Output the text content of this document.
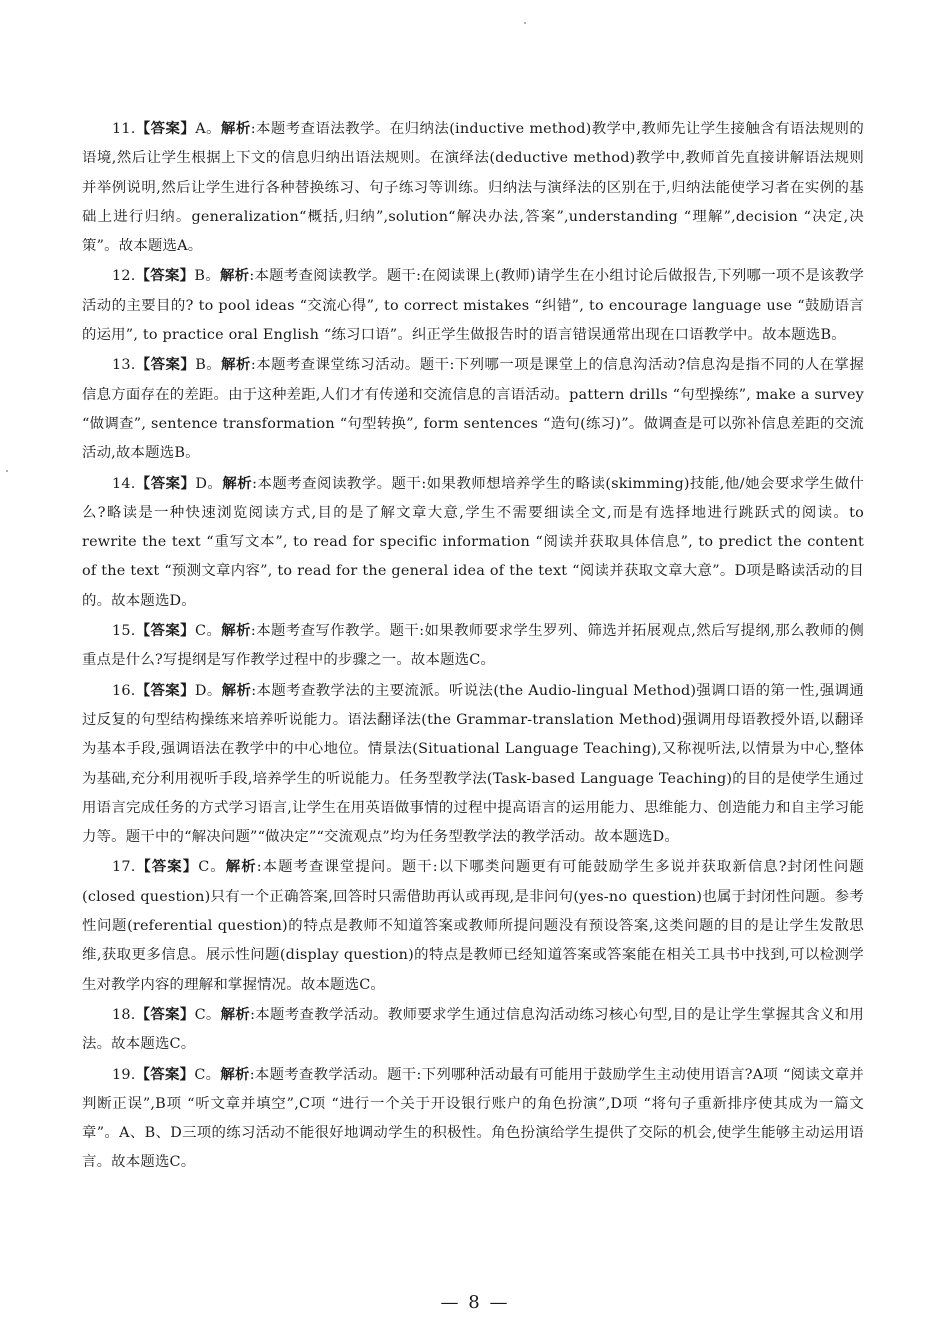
11.【答案】A。解析:本题考查语法教学。在归纳法(inductive method)教学中,教师先让学生接触含有语法规则的语境,然后让学生根据上下文的信息归纳出语法规则。在演绎法(deductive method)教学中,教师首先直接讲解语法规则并举例说明,然后让学生进行各种替换练习、句子练习等训练。归纳法与演绎法的区别在于,归纳法能使学习者在实例的基础上进行归纳。generalization“概括,归纳”,solution“解决办法,答案”,understanding “理解”,decision “决定,决策”。故本题选A。

12.【答案】B。解析:本题考查阅读教学。题干:在阅读课上(教师)请学生在小组讨论后做报告,下列哪一项不是该教学活动的主要目的? to pool ideas “交流心得”, to correct mistakes “纠错”, to encourage language use “鼓励语言的运用”, to practice oral English “练习口语”。纠正学生做报告时的语言错误通常出现在口语教学中。故本题选B。

13.【答案】B。解析:本题考查课堂练习活动。题干:下列哪一项是课堂上的信息沟活动?信息沟是指不同的人在掌握信息方面存在的差距。由于这种差距,人们才有传递和交流信息的言语活动。pattern drills “句型操练”, make a survey “做调查”, sentence transformation “句型转换”, form sentences “造句(练习)”。做调查是可以弥补信息差距的交流活动,故本题选B。

14.【答案】D。解析:本题考查阅读教学。题干:如果教师想培养学生的略读(skimming)技能,他/她会要求学生做什么?略读是一种快速浏览阅读方式,目的是了解文章大意,学生不需要细读全文,而是有选择地进行跳跃式的阅读。to rewrite the text “重写文本”, to read for specific information “阅读并获取具体信息”, to predict the content of the text “预测文章内容”, to read for the general idea of the text “阅读并获取文章大意”。D项是略读活动的目的。故本题选D。

15.【答案】C。解析:本题考查写作教学。题干:如果教师要求学生罗列、筛选并拓展观点,然后写提纲,那么教师的侧重点是什么?写提纲是写作教学过程中的步骤之一。故本题选C。

16.【答案】D。解析:本题考查教学法的主要流派。听说法(the Audio-lingual Method)强调口语的第一性,强调通过反复的句型结构操练来培养听说能力。语法翻译法(the Grammar-translation Method)强调用母语教授外语,以翻译为基本手段,强调语法在教学中的中心地位。情景法(Situational Language Teaching),又称视听法,以情景为中心,整体为基础,充分利用视听手段,培养学生的听说能力。任务型教学法(Task-based Language Teaching)的目的是使学生通过用语言完成任务的方式学习语言,让学生在用英语做事情的过程中提高语言的运用能力、思维能力、创造能力和自主学习能力等。题干中的“解决问题”“做决定”“交流观点”均为任务型教学法的教学活动。故本题选D。

17.【答案】C。解析:本题考查课堂提问。题干:以下哪类问题更有可能鼓励学生多说并获取新信息?封闭性问题(closed question)只有一个正确答案,回答时只需借助再认或再现,是非问句(yes-no question)也属于封闭性问题。参考性问题(referential question)的特点是教师不知道答案或教师所提问题没有预设答案,这类问题的目的是让学生发散思维,获取更多信息。展示性问题(display question)的特点是教师已经知道答案或答案能在相关工具书中找到,可以检测学生对教学内容的理解和掌握情况。故本题选C。

18.【答案】C。解析:本题考查教学活动。教师要求学生通过信息沟活动练习核心句型,目的是让学生掌握其含义和用法。故本题选C。

19.【答案】C。解析:本题考查教学活动。题干:下列哪种活动最有可能用于鼓励学生主动使用语言?A项 “阅读文章并判断正误”,B项 “听文章并填空”,C项 “进行一个关于开设银行账户的角色扮演”,D项 “将句子重新排序使其成为一篇文章”。A、B、D三项的练习活动不能很好地调动学生的积极性。角色扮演给学生提供了交际的机会,使学生能够主动运用语言。故本题选C。

— 8 —
